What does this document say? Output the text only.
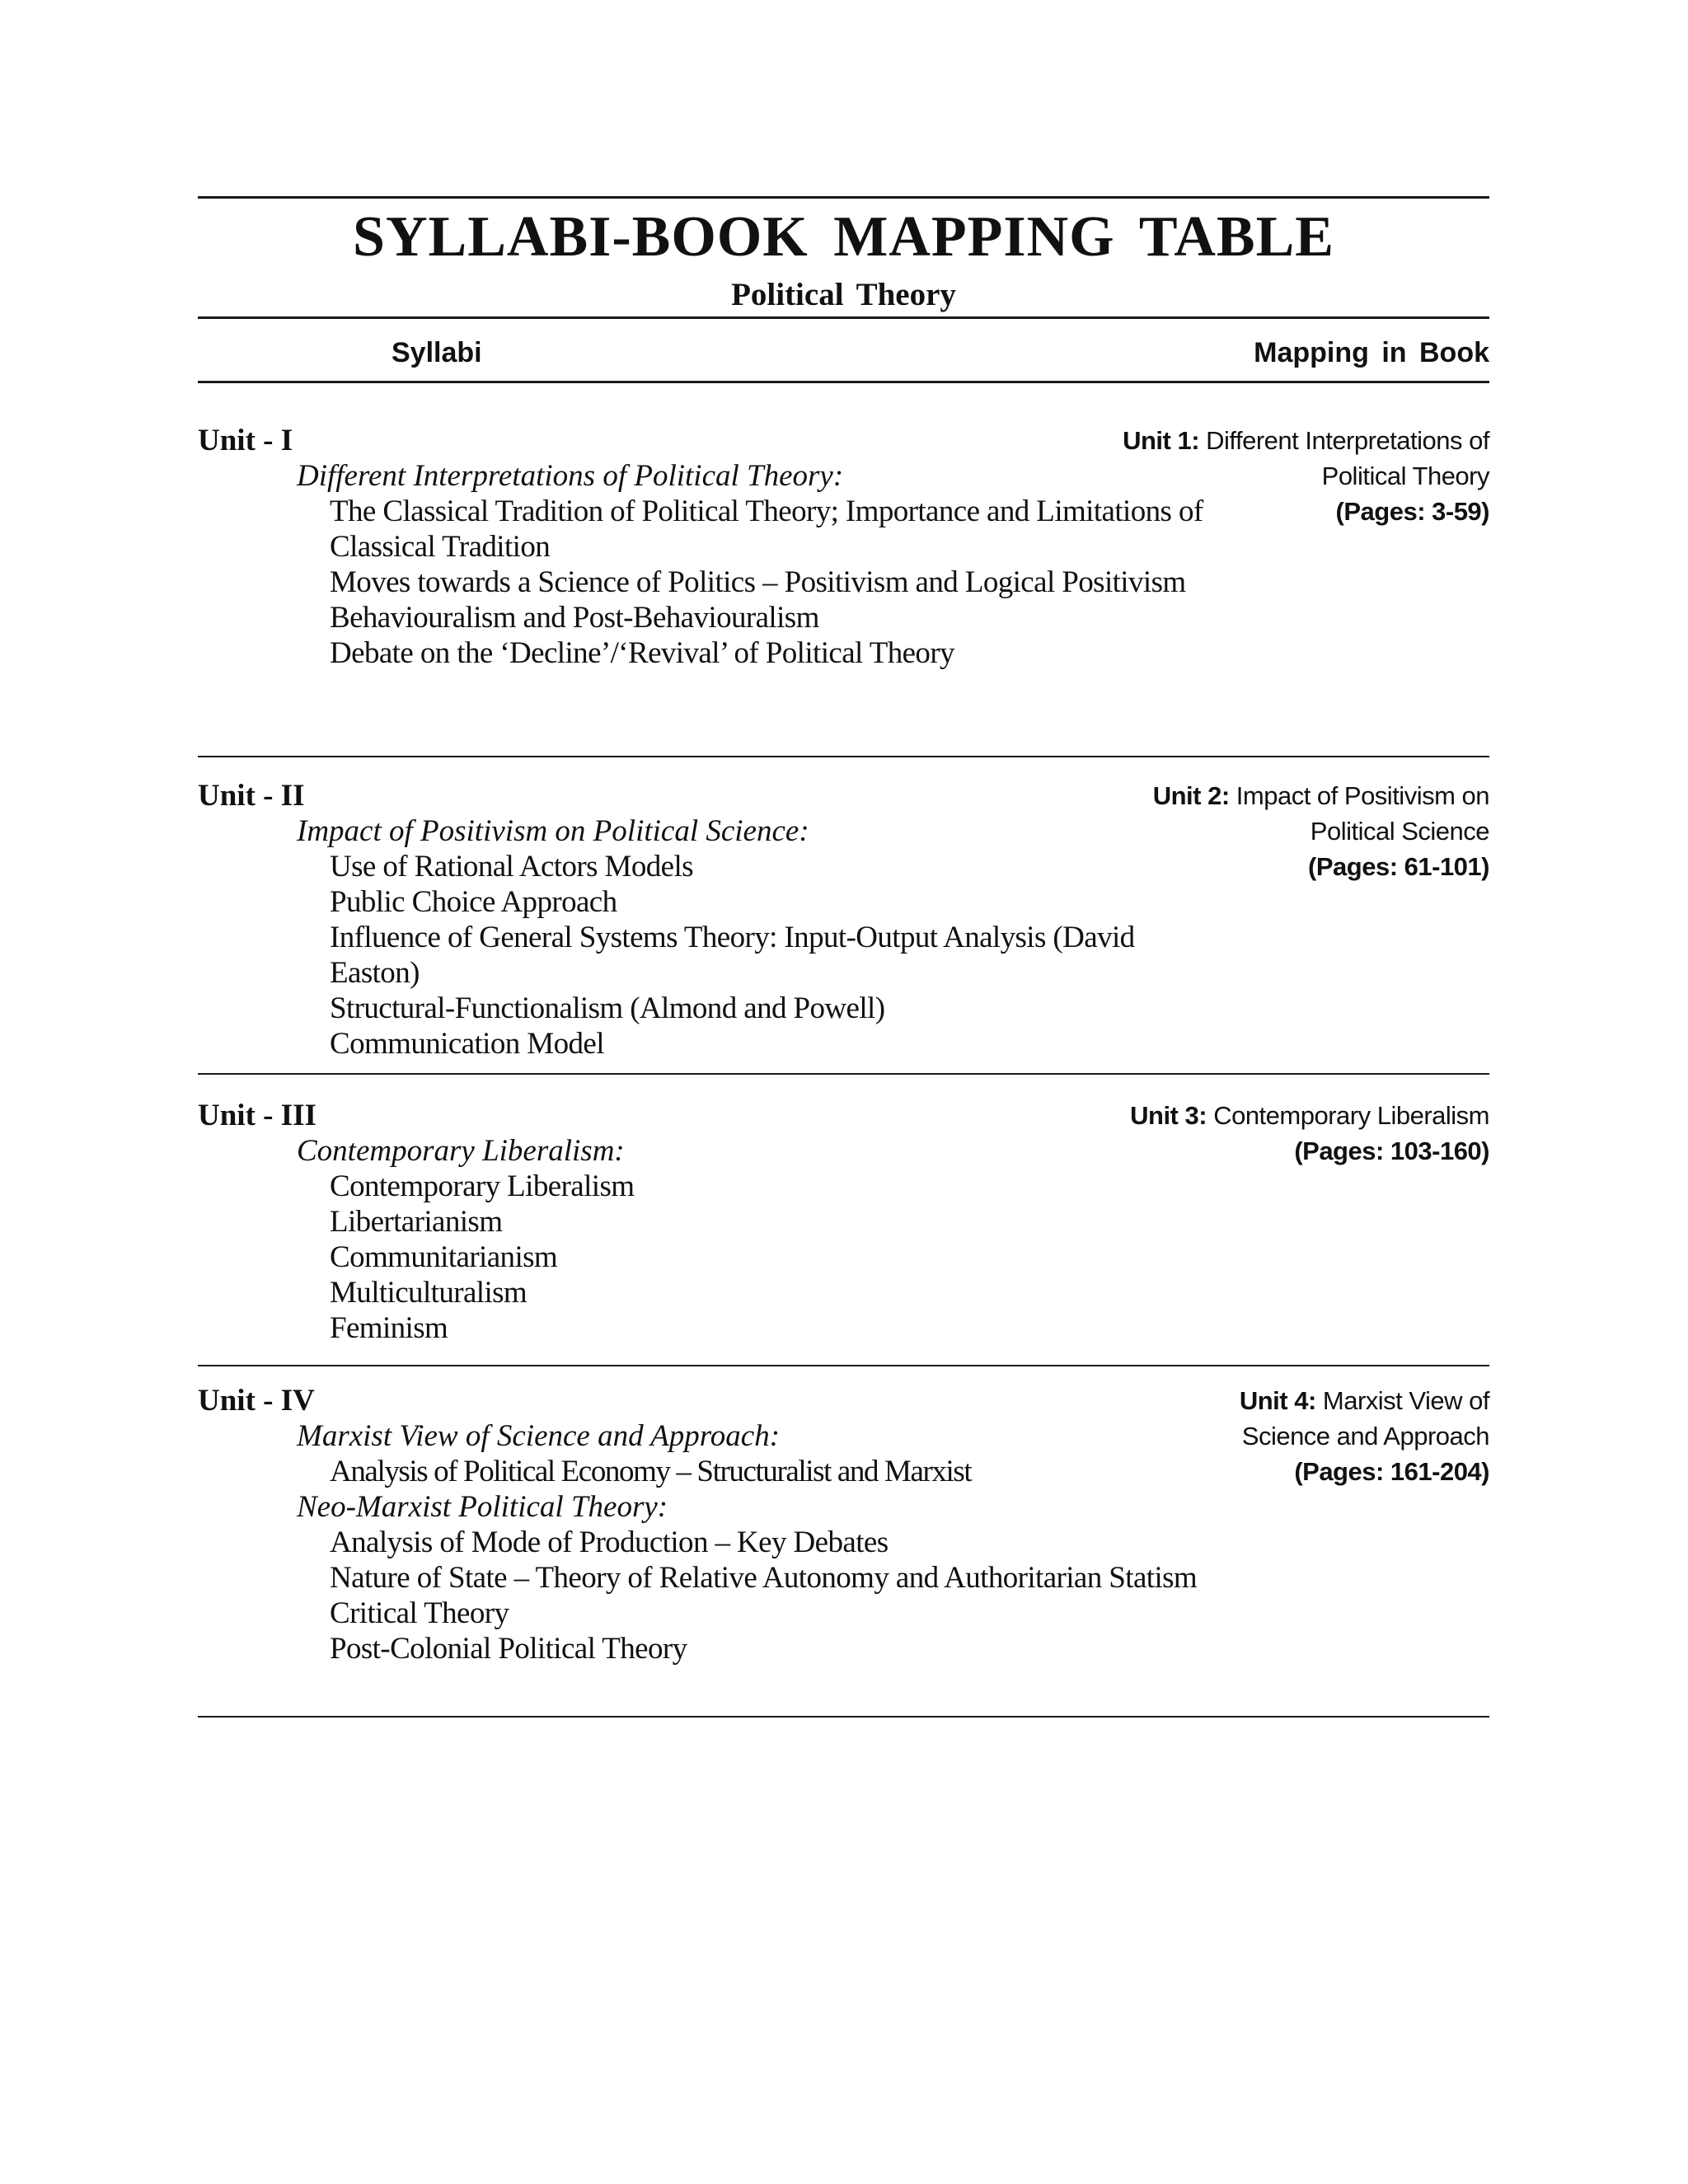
SYLLABI-BOOK MAPPING TABLE
Political Theory
Syllabi	Mapping in Book
Unit - I
Different Interpretations of Political Theory:
The Classical Tradition of Political Theory; Importance and Limitations of Classical Tradition
Moves towards a Science of Politics – Positivism and Logical Positivism
Behaviouralism and Post-Behaviouralism
Debate on the ‘Decline’/‘Revival’ of Political Theory
Unit 1: Different Interpretations of
Political Theory
(Pages: 3-59)
Unit - II
Impact of Positivism on Political Science:
Use of Rational Actors Models
Public Choice Approach
Influence of General Systems Theory: Input-Output Analysis (David Easton)
Structural-Functionalism (Almond and Powell)
Communication Model
Unit 2: Impact of Positivism on
Political Science
(Pages: 61-101)
Unit - III
Contemporary Liberalism:
Contemporary Liberalism
Libertarianism
Communitarianism
Multiculturalism
Feminism
Unit 3: Contemporary Liberalism
(Pages: 103-160)
Unit - IV
Marxist View of Science and Approach:
Analysis of Political Economy – Structuralist and Marxist
Neo-Marxist Political Theory:
Analysis of Mode of Production – Key Debates
Nature of State – Theory of Relative Autonomy and Authoritarian Statism
Critical Theory
Post-Colonial Political Theory
Unit 4: Marxist View of
Science and Approach
(Pages: 161-204)
